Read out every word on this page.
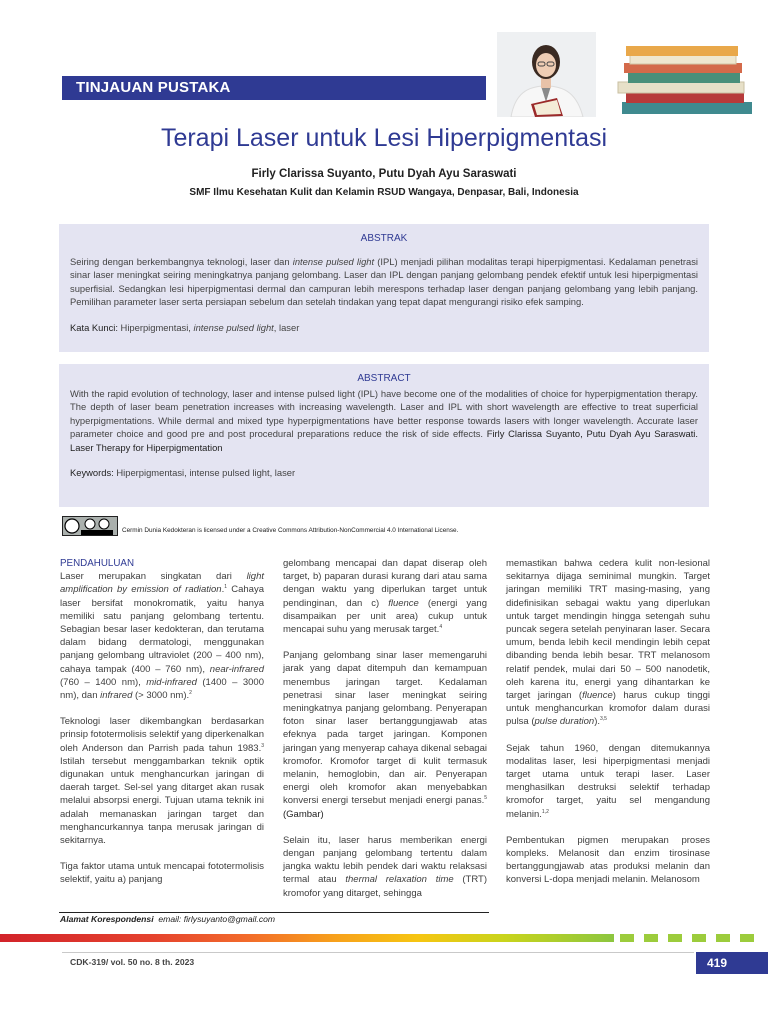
TINJAUAN PUSTAKA
Terapi Laser untuk Lesi Hiperpigmentasi
Firly Clarissa Suyanto, Putu Dyah Ayu Saraswati
SMF Ilmu Kesehatan Kulit dan Kelamin RSUD Wangaya, Denpasar, Bali, Indonesia
ABSTRAK

Seiring dengan berkembangnya teknologi, laser dan intense pulsed light (IPL) menjadi pilihan modalitas terapi hiperpigmentasi. Kedalaman penetrasi sinar laser meningkat seiring meningkatnya panjang gelombang. Laser dan IPL dengan panjang gelombang pendek efektif untuk lesi hiperpigmentasi superfisial. Sedangkan lesi hiperpigmentasi dermal dan campuran lebih merespons terhadap laser dengan panjang gelombang yang lebih panjang. Pemilihan parameter laser serta persiapan sebelum dan setelah tindakan yang tepat dapat mengurangi risiko efek samping.

Kata Kunci: Hiperpigmentasi, intense pulsed light, laser

ABSTRACT

With the rapid evolution of technology, laser and intense pulsed light (IPL) have become one of the modalities of choice for hyperpigmentation therapy. The depth of laser beam penetration increases with increasing wavelength. Laser and IPL with short wavelength are effective to treat superficial hyperpigmentations. While dermal and mixed type hyperpigmentations have better response towards lasers with longer wavelength. Accurate laser parameter choice and good pre and post procedural preparations reduce the risk of side effects. Firly Clarissa Suyanto, Putu Dyah Ayu Saraswati. Laser Therapy for Hiperpigmentation

Keywords: Hiperpigmentasi, intense pulsed light, laser

Cermin Dunia Kedokteran is licensed under a Creative Commons Attribution-NonCommercial 4.0 International License.
PENDAHULUAN

Laser merupakan singkatan dari light amplification by emission of radiation.$^1$ Cahaya laser bersifat monokromatik, yaitu hanya memiliki satu panjang gelombang tertentu. Sebagian besar laser kedokteran, dan terutama dalam bidang dermatologi, menggunakan panjang gelombang ultraviolet (200 – 400 nm), cahaya tampak (400 – 760 nm), near-infrared (760 – 1400 nm), mid-infrared (1400 – 3000 nm), dan infrared (> 3000 nm).$^2$

Teknologi laser dikembangkan berdasarkan prinsip fototermolisis selektif yang diperkenalkan oleh Anderson dan Parrish pada tahun 1983.$^3$ Istilah tersebut menggambarkan teknik optik digunakan untuk menghancurkan jaringan di daerah target. Sel-sel yang ditarget akan rusak melalui absorpsi energi. Tujuan utama teknik ini adalah memanaskan jaringan target dan menghancurkannya tanpa merusak jaringan di sekitarnya.

Tiga faktor utama untuk mencapai fototermolisis selektif, yaitu a) panjang

gelombang mencapai dan dapat diserap oleh target, b) paparan durasi kurang dari atau sama dengan waktu yang diperlukan target untuk pendinginan, dan c) fluence (energi yang disampaikan per unit area) cukup untuk mencapai suhu yang merusak target.$^4$

Panjang gelombang sinar laser memengaruhi jarak yang dapat ditempuh dan kemampuan menembus jaringan target. Kedalaman penetrasi sinar laser meningkat seiring meningkatnya panjang gelombang. Penyerapan foton sinar laser bertanggungjawab atas efeknya pada target jaringan. Komponen jaringan yang menyerap cahaya dikenal sebagai kromofor. Kromofor target di kulit termasuk melanin, hemoglobin, dan air. Penyerapan energi oleh kromofor akan menyebabkan konversi energi tersebut menjadi energi panas.$^5$ (Gambar)

Selain itu, laser harus memberikan energi dengan panjang gelombang tertentu dalam jangka waktu lebih pendek dari waktu relaksasi termal atau thermal relaxation time (TRT) kromofor yang ditarget, sehingga

memastikan bahwa cedera kulit non-lesional sekitarnya dijaga seminimal mungkin. Target jaringan memiliki TRT masing-masing, yang didefinisikan sebagai waktu yang diperlukan untuk target mendingin hingga setengah suhu puncak segera setelah penyinaran laser. Secara umum, benda lebih kecil mendingin lebih cepat dibanding benda lebih besar. TRT melanosom relatif pendek, mulai dari 50 – 500 nanodetik, oleh karena itu, energi yang dihantarkan ke target jaringan (fluence) harus cukup tinggi untuk menghancurkan kromofor dalam durasi pulsa (pulse duration).$^{3,5}$

Sejak tahun 1960, dengan ditemukannya modalitas laser, lesi hiperpigmentasi menjadi target utama untuk terapi laser. Laser menghasilkan destruksi selektif terhadap kromofor target, yaitu sel mengandung melanin.$^{1,2}$

Pembentukan pigmen merupakan proses kompleks. Melanosit dan enzim tirosinase bertanggungjawab atas produksi melanin dan konversi L-dopa menjadi melanin. Melanosom

Alamat Korespondensi email: firlysuyanto@gmail.com
CDK-319/ vol. 50 no. 8 th. 2023	419
